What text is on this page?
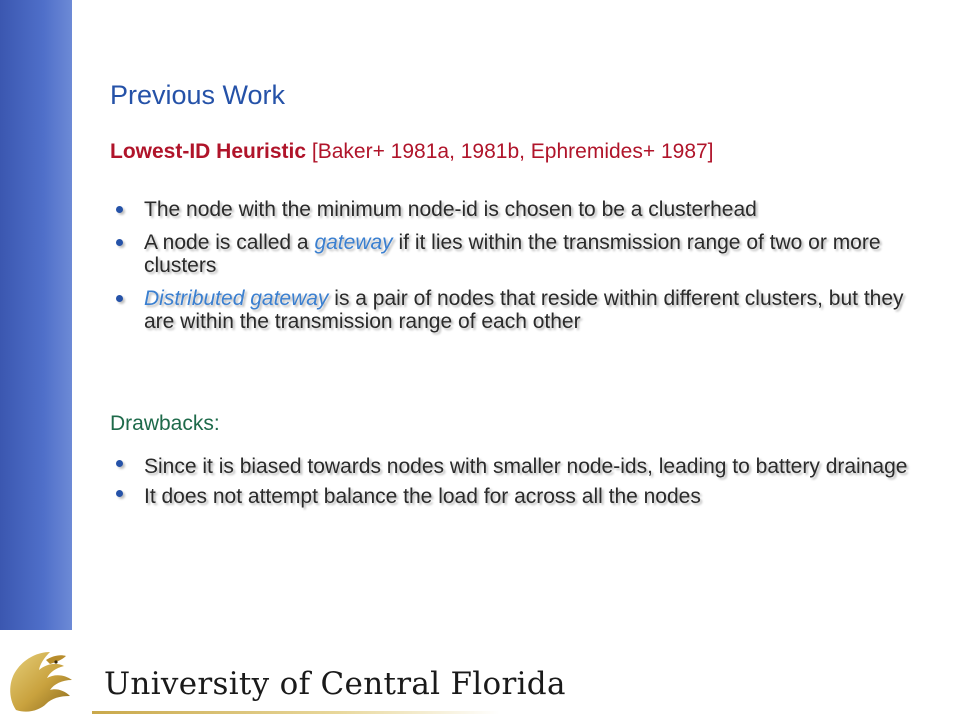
Previous Work
Lowest-ID Heuristic [Baker+ 1981a, 1981b, Ephremides+ 1987]
The node with the minimum node-id is chosen to be a clusterhead
A node is called a gateway if it lies within the transmission range of two or more clusters
Distributed gateway is a pair of nodes that reside within different clusters, but they are within the transmission range of each other
Drawbacks:
Since it is biased towards nodes with smaller node-ids, leading to battery drainage
It does not attempt balance the load for across all the nodes
University of Central Florida
